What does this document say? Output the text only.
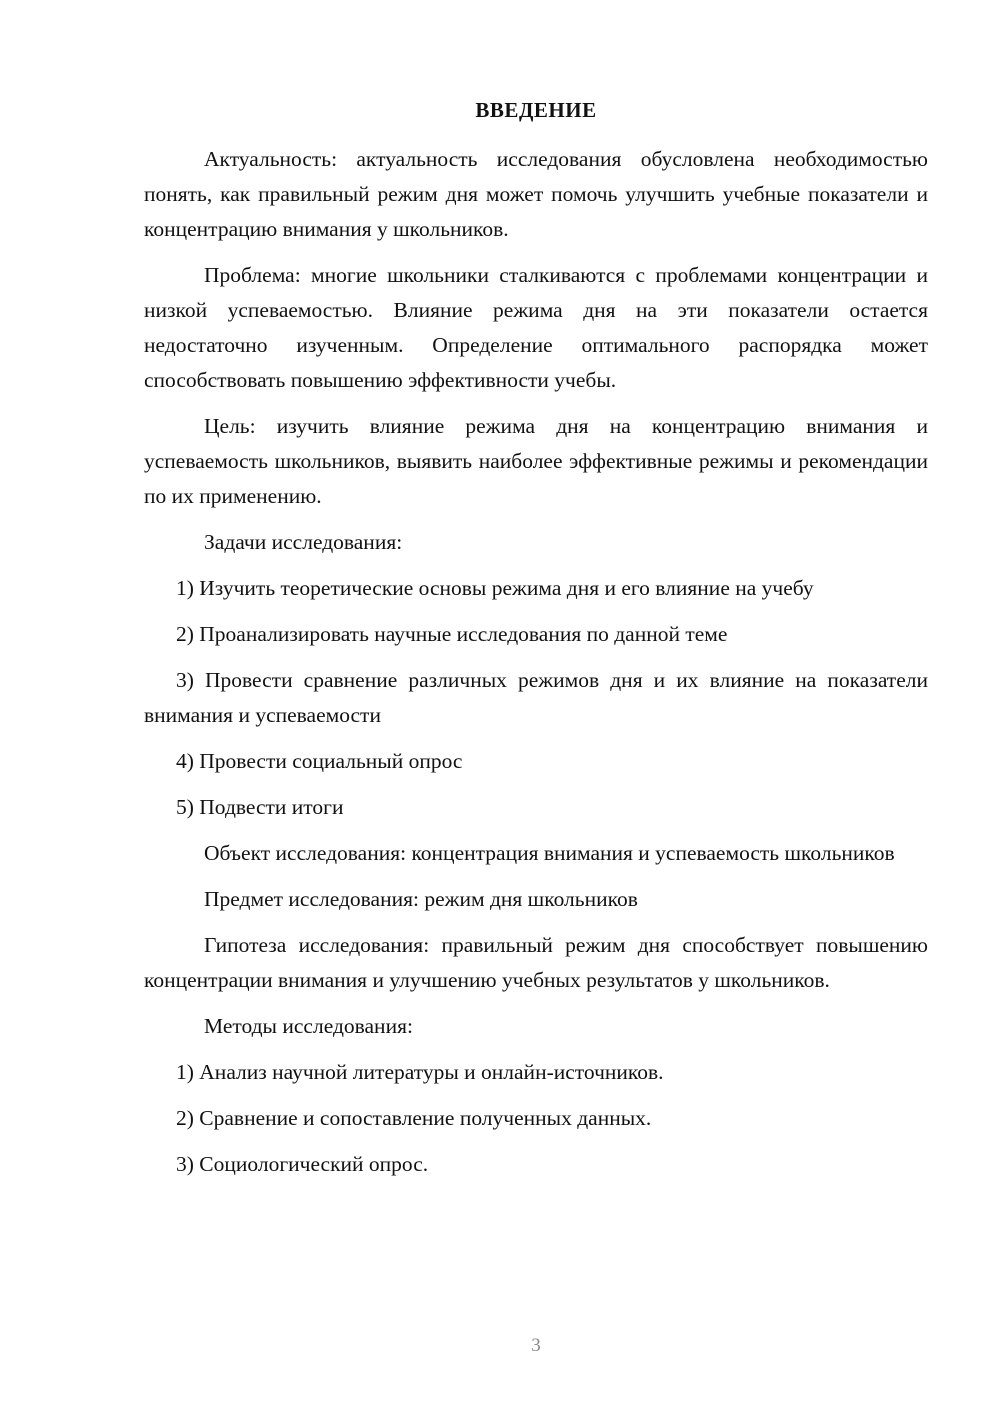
ВВЕДЕНИЕ

Актуальность: актуальность исследования обусловлена необходимостью понять, как правильный режим дня может помочь улучшить учебные показатели и концентрацию внимания у школьников.

Проблема: многие школьники сталкиваются с проблемами концентрации и низкой успеваемостью. Влияние режима дня на эти показатели остается недостаточно изученным. Определение оптимального распорядка может способствовать повышению эффективности учебы.

Цель: изучить влияние режима дня на концентрацию внимания и успеваемость школьников, выявить наиболее эффективные режимы и рекомендации по их применению.

Задачи исследования:

1) Изучить теоретические основы режима дня и его влияние на учебу

2) Проанализировать научные исследования по данной теме

3) Провести сравнение различных режимов дня и их влияние на показатели внимания и успеваемости

4) Провести социальный опрос

5) Подвести итоги

Объект исследования: концентрация внимания и успеваемость школьников

Предмет исследования: режим дня школьников

Гипотеза исследования: правильный режим дня способствует повышению концентрации внимания и улучшению учебных результатов у школьников.

Методы исследования:

1) Анализ научной литературы и онлайн-источников.

2) Сравнение и сопоставление полученных данных.

3) Социологический опрос.

3
